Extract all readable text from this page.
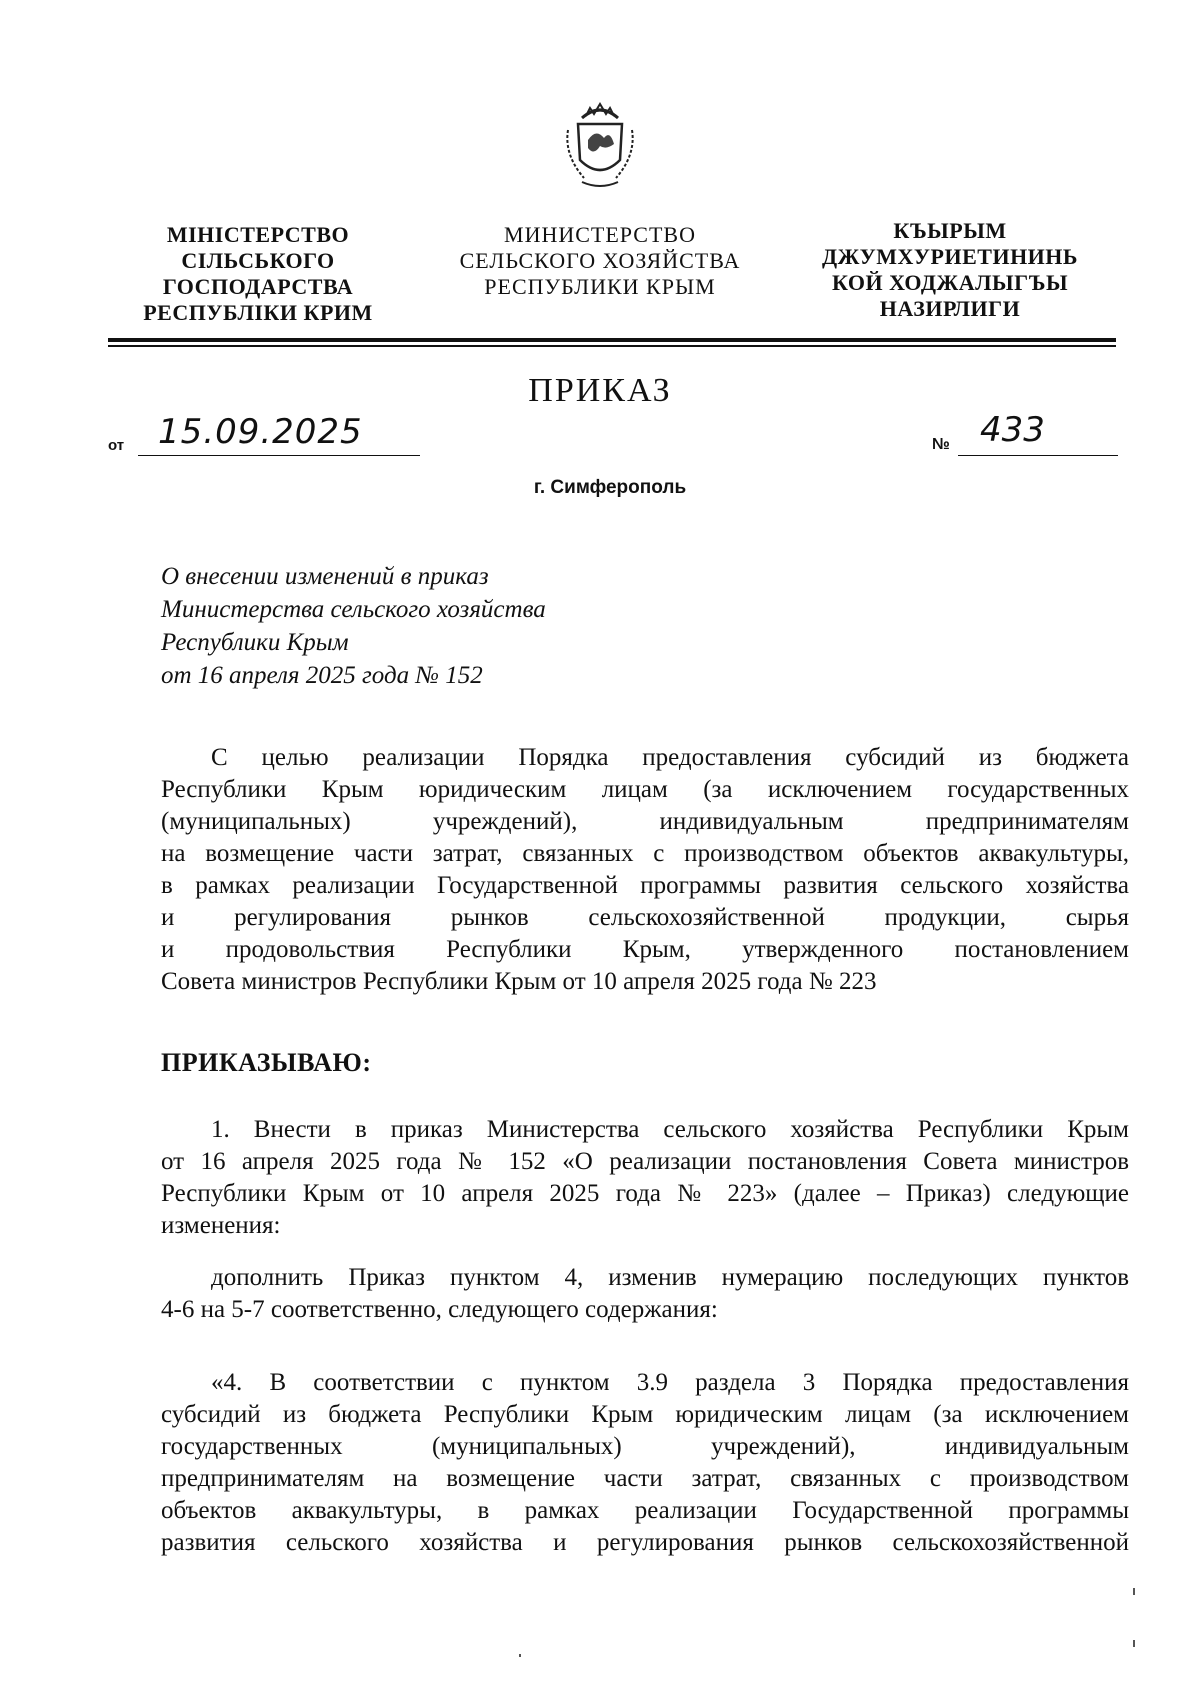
МІНІСТЕРСТВО
СІЛЬСЬКОГО
ГОСПОДАРСТВА
РЕСПУБЛІКИ КРИМ
МИНИСТЕРСТВО
СЕЛЬСКОГО ХОЗЯЙСТВА
РЕСПУБЛИКИ КРЫМ
КЪЫРЫМ
ДЖУМХУРИЕТИНИНЬ
КОЙ ХОДЖАЛЫГЪЫ
НАЗИРЛИГИ
ПРИКАЗ
от 15.09.2025	№ 433
г. Симферополь
О внесении изменений в приказ
Министерства сельского хозяйства
Республики Крым
от 16 апреля 2025 года № 152
С целью реализации Порядка предоставления субсидий из бюджета
Республики Крым юридическим лицам (за исключением государственных
(муниципальных) учреждений), индивидуальным предпринимателям
на возмещение части затрат, связанных с производством объектов аквакультуры,
в рамках реализации Государственной программы развития сельского хозяйства
и регулирования рынков сельскохозяйственной продукции, сырья
и продовольствия Республики Крым, утвержденного постановлением
Совета министров Республики Крым от 10 апреля 2025 года № 223
ПРИКАЗЫВАЮ:
1. Внести в приказ Министерства сельского хозяйства Республики Крым
от 16 апреля 2025 года № 152 «О реализации постановления Совета министров
Республики Крым от 10 апреля 2025 года № 223» (далее – Приказ) следующие
изменения:
дополнить Приказ пунктом 4, изменив нумерацию последующих пунктов
4-6 на 5-7 соответственно, следующего содержания:
«4. В соответствии с пунктом 3.9 раздела 3 Порядка предоставления
субсидий из бюджета Республики Крым юридическим лицам (за исключением
государственных (муниципальных) учреждений), индивидуальным
предпринимателям на возмещение части затрат, связанных с производством
объектов аквакультуры, в рамках реализации Государственной программы
развития сельского хозяйства и регулирования рынков сельскохозяйственной
